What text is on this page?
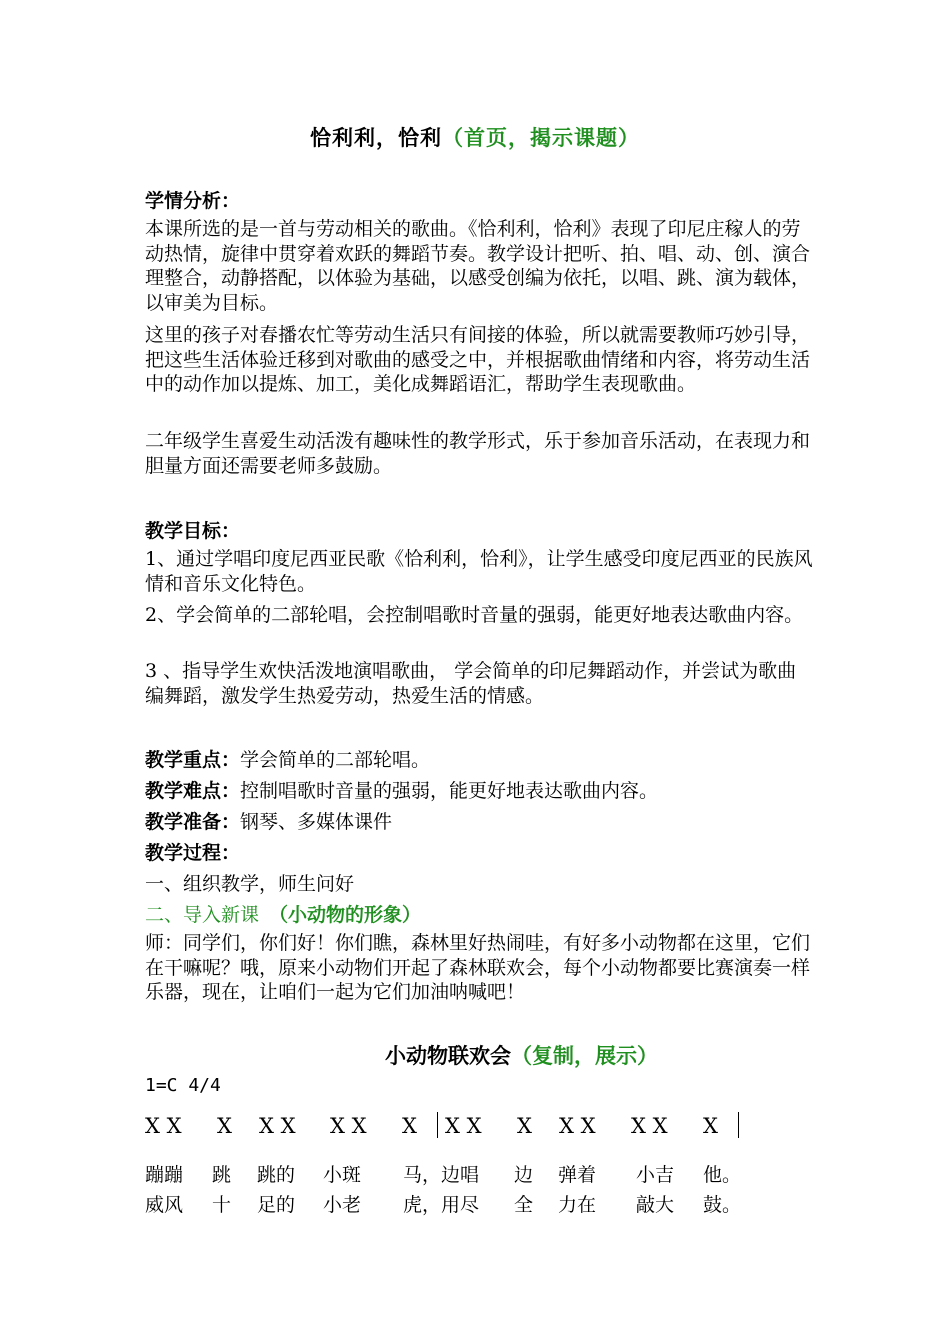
恰利利，恰利（首页，揭示课题）
学情分析：
本课所选的是一首与劳动相关的歌曲。《恰利利，恰利》表现了印尼庄稼人的劳动热情，旋律中贯穿着欢跃的舞蹈节奏。教学设计把听、拍、唱、动、创、演合理整合，动静搭配，以体验为基础，以感受创编为依托，以唱、跳、演为载体，以审美为目标。
这里的孩子对春播农忙等劳动生活只有间接的体验，所以就需要教师巧妙引导，把这些生活体验迁移到对歌曲的感受之中，并根据歌曲情绪和内容，将劳动生活中的动作加以提炼、加工，美化成舞蹈语汇，帮助学生表现歌曲。
二年级学生喜爱生动活泼有趣味性的教学形式，乐于参加音乐活动，在表现力和胆量方面还需要老师多鼓励。
教学目标：
1、通过学唱印度尼西亚民歌《恰利利，恰利》，让学生感受印度尼西亚的民族风情和音乐文化特色。
2、学会简单的二部轮唱，会控制唱歌时音量的强弱，能更好地表达歌曲内容。
3 、指导学生欢快活泼地演唱歌曲， 学会简单的印尼舞蹈动作，并尝试为歌曲编舞蹈，激发学生热爱劳动，热爱生活的情感。
教学重点：学会简单的二部轮唱。
教学难点：控制唱歌时音量的强弱，能更好地表达歌曲内容。
教学准备：钢琴、多媒体课件
教学过程：
一、组织教学，师生问好
二、导入新课 （小动物的形象）
师：同学们，你们好！你们瞧，森林里好热闹哇，有好多小动物都在这里，它们在干嘛呢？哦，原来小动物们开起了森林联欢会，每个小动物都要比赛演奏一样乐器，现在，让咱们一起为它们加油呐喊吧！
小动物联欢会（复制，展示）
1=C 4/4
X X X X X X X X X X X X X X X X
蹦蹦 跳 跳的 小斑 马，边唱 边 弹着 小吉 他。
威风 十 足的 小老 虎，用尽 全 力在 敲大 鼓。
